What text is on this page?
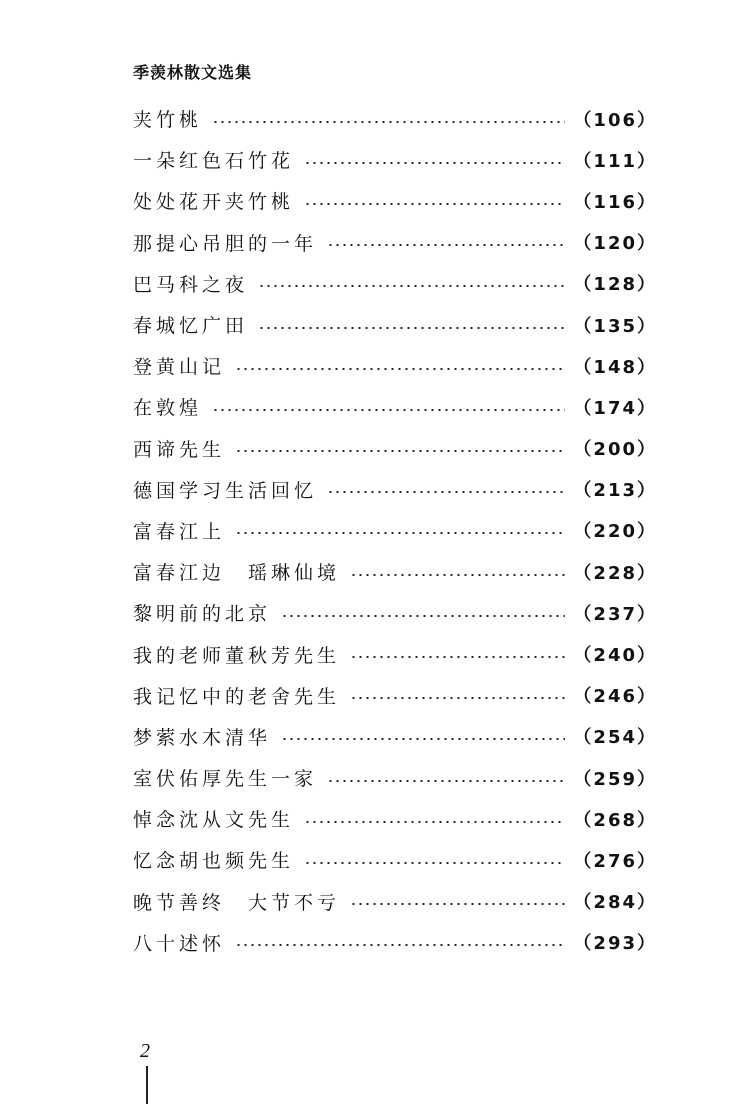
季羡林散文选集
夹竹桃	（106）
一朵红色石竹花	（111）
处处花开夹竹桃	（116）
那提心吊胆的一年	（120）
巴马科之夜	（128）
春城忆广田	（135）
登黄山记	（148）
在敦煌	（174）
西谛先生	（200）
德国学习生活回忆	（213）
富春江上	（220）
富春江边　瑶琳仙境	（228）
黎明前的北京	（237）
我的老师董秋芳先生	（240）
我记忆中的老舍先生	（246）
梦萦水木清华	（254）
室伏佑厚先生一家	（259）
悼念沈从文先生	（268）
忆念胡也频先生	（276）
晚节善终　大节不亏	（284）
八十述怀	（293）
2
